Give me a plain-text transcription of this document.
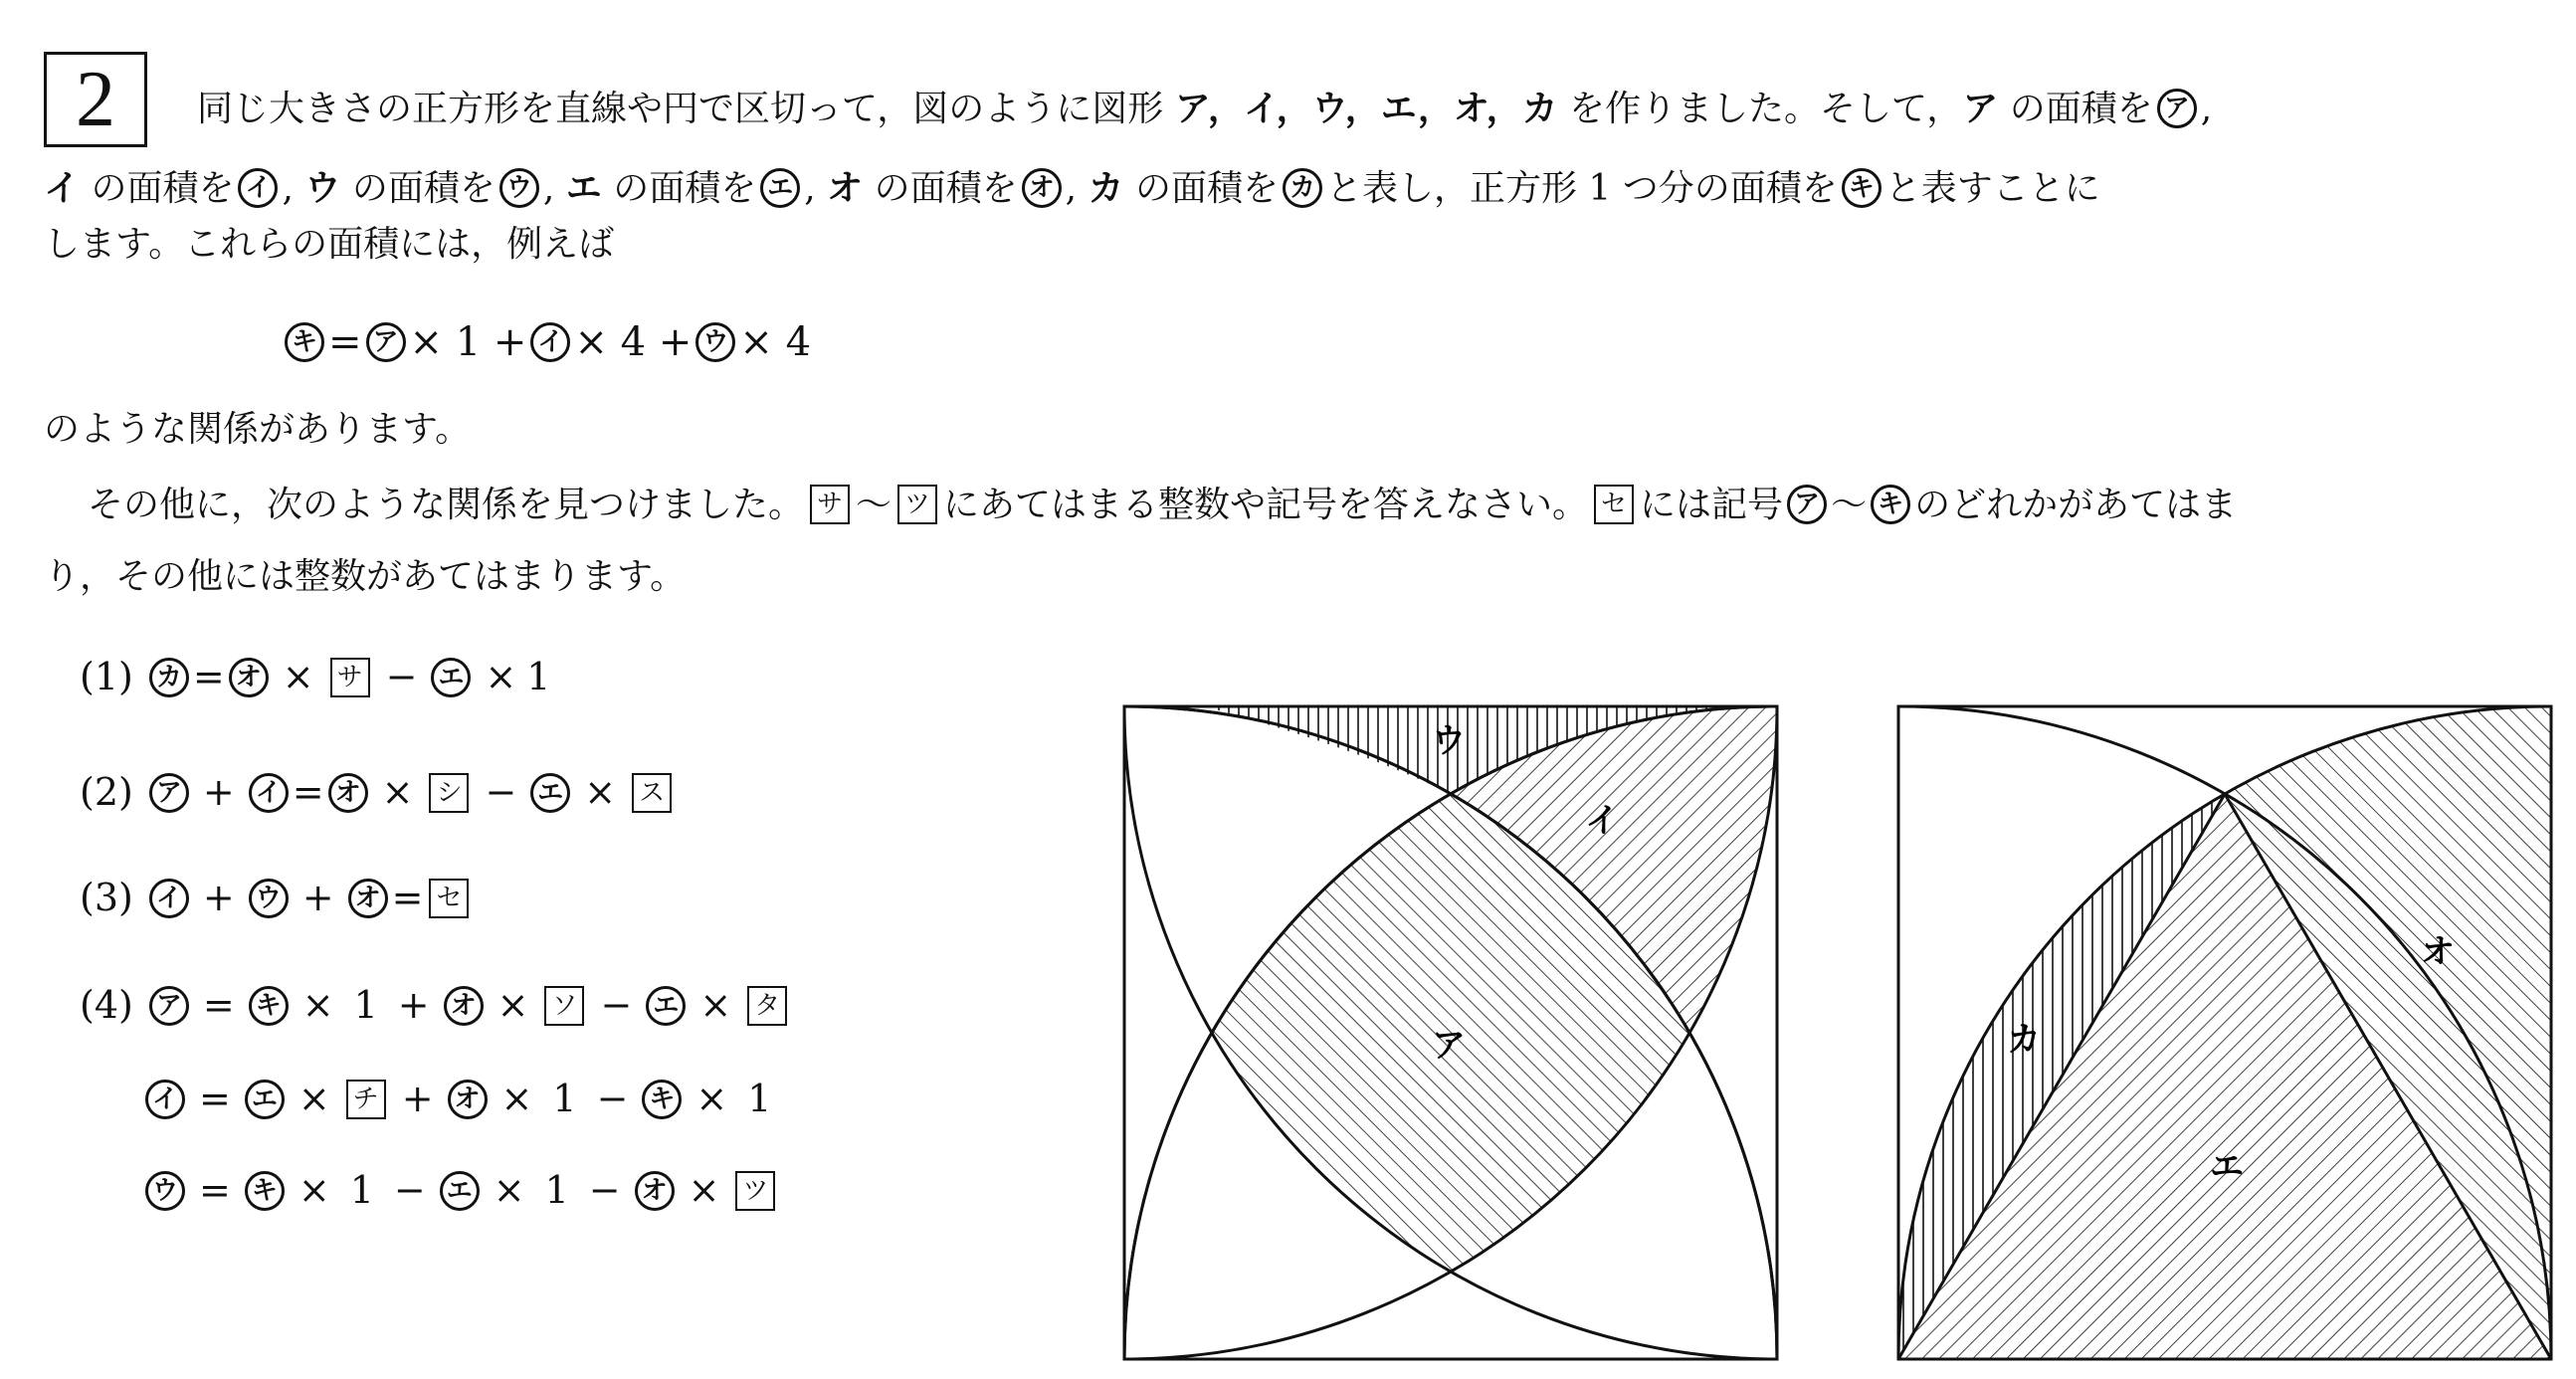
2	同じ大きさの正方形を直線や円で区切って，図のように図形 ア，イ，ウ，エ，オ，カ を作りました。そして，ア の面積を ア ,
イ の面積を イ , ウ の面積を ウ , エ の面積を エ , オ の面積を オ , カ の面積を カ と表し，正方形 1 つ分の面積を キ と表すことに
します。これらの面積には，例えば
キ = ア × 1 + イ × 4 + ウ × 4
のような関係があります。
その他に，次のような関係を見つけました。 サ 〜 ツ にあてはまる整数や記号を答えなさい。 セ には記号 ア 〜 キ のどれかがあてはま
り，その他には整数があてはまります。
(1) カ = オ × サ − エ × 1
(2) ア + イ = オ × シ − エ × ス
(3) イ + ウ + オ = セ
(4) ア = キ × 1 + オ × ソ − エ × タ
イ = エ × チ + オ × 1 − キ × 1
ウ = キ × 1 − エ × 1 − オ × ツ
ア
イ
ウ
エ
オ
カ
